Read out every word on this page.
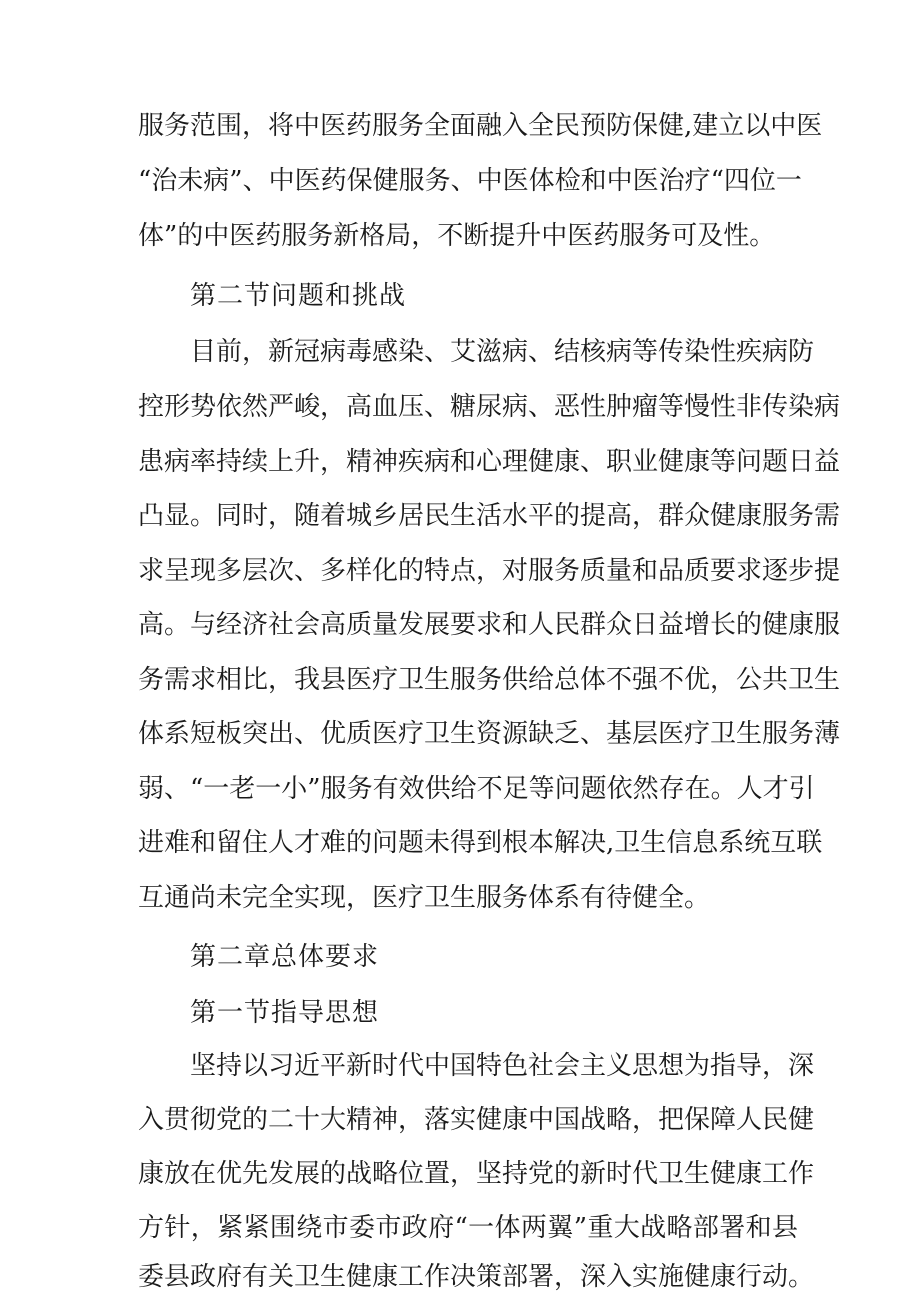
服务范围，将中医药服务全面融入全民预防保健,建立以中医
“治未病”、中医药保健服务、中医体检和中医治疗“四位一
体”的中医药服务新格局，不断提升中医药服务可及性。
第二节问题和挑战
目前，新冠病毒感染、艾滋病、结核病等传染性疾病防
控形势依然严峻，高血压、糖尿病、恶性肿瘤等慢性非传染病
患病率持续上升，精神疾病和心理健康、职业健康等问题日益
凸显。同时，随着城乡居民生活水平的提高，群众健康服务需
求呈现多层次、多样化的特点，对服务质量和品质要求逐步提
高。与经济社会高质量发展要求和人民群众日益增长的健康服
务需求相比，我县医疗卫生服务供给总体不强不优，公共卫生
体系短板突出、优质医疗卫生资源缺乏、基层医疗卫生服务薄
弱、“一老一小”服务有效供给不足等问题依然存在。人才引
进难和留住人才难的问题未得到根本解决,卫生信息系统互联
互通尚未完全实现，医疗卫生服务体系有待健全。
第二章总体要求
第一节指导思想
坚持以习近平新时代中国特色社会主义思想为指导，深
入贯彻党的二十大精神，落实健康中国战略，把保障人民健
康放在优先发展的战略位置，坚持党的新时代卫生健康工作
方针，紧紧围绕市委市政府“一体两翼”重大战略部署和县
委县政府有关卫生健康工作决策部署，深入实施健康行动。
